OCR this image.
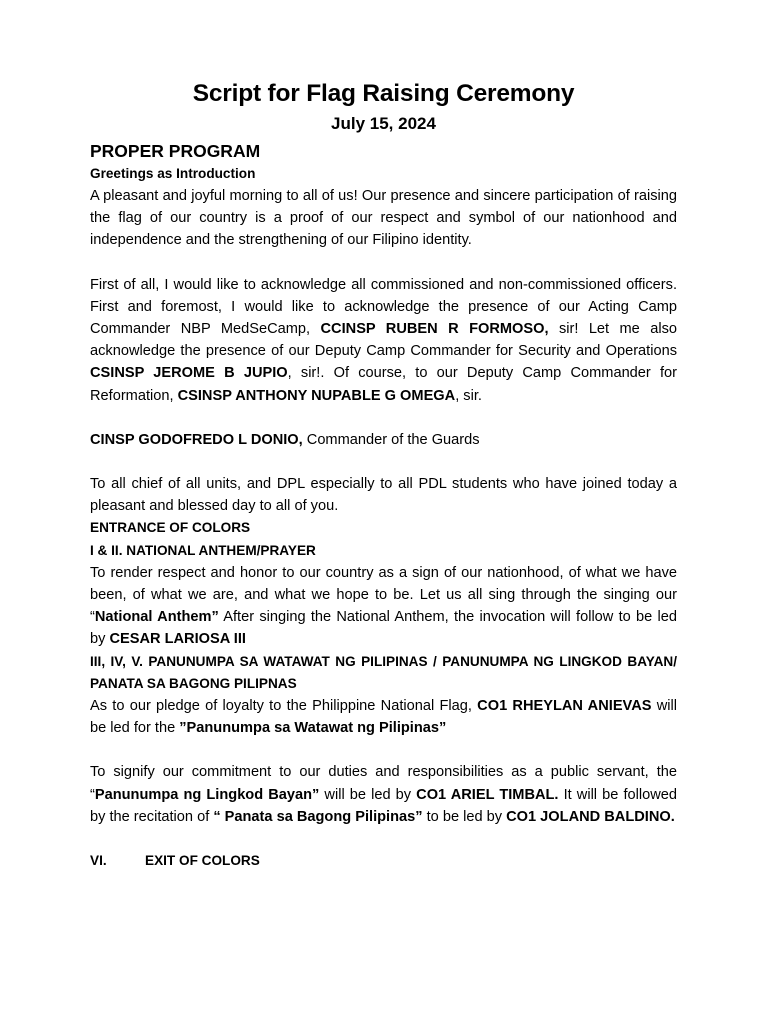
Script for Flag Raising Ceremony
July 15, 2024
PROPER PROGRAM
Greetings as Introduction

A pleasant and joyful morning to all of us! Our presence and sincere participation of raising the flag of our country is a proof of our respect and symbol of our nationhood and independence and the strengthening of our Filipino identity.

First of all, I would like to acknowledge all commissioned and non-commissioned officers. First and foremost, I would like to acknowledge the presence of our Acting Camp Commander NBP MedSeCamp, CCINSP RUBEN R FORMOSO, sir! Let me also acknowledge the presence of our Deputy Camp Commander for Security and Operations CSINSP JEROME B JUPIO, sir!. Of course, to our Deputy Camp Commander for Reformation, CSINSP ANTHONY NUPABLE G OMEGA, sir.

CINSP GODOFREDO L DONIO, Commander of the Guards

To all chief of all units, and DPL especially to all PDL students who have joined today a pleasant and blessed day to all of you.

ENTRANCE OF COLORS
I & II. NATIONAL ANTHEM/PRAYER

To render respect and honor to our country as a sign of our nationhood, of what we have been, of what we are, and what we hope to be. Let us all sing through the singing our “National Anthem” After singing the National Anthem, the invocation will follow to be led by CESAR LARIOSA III

III, IV, V. PANUNUMPA SA WATAWAT NG PILIPINAS / PANUNUMPA NG LINGKOD BAYAN/ PANATA SA BAGONG PILIPNAS

As to our pledge of loyalty to the Philippine National Flag, CO1 RHEYLAN ANIEVAS will be led for the ”Panunumpa sa Watawat ng Pilipinas”

To signify our commitment to our duties and responsibilities as a public servant, the “Panunumpa ng Lingkod Bayan” will be led by CO1 ARIEL TIMBAL. It will be followed by the recitation of “ Panata sa Bagong Pilipinas” to be led by CO1 JOLAND BALDINO.

VI.	EXIT OF COLORS
